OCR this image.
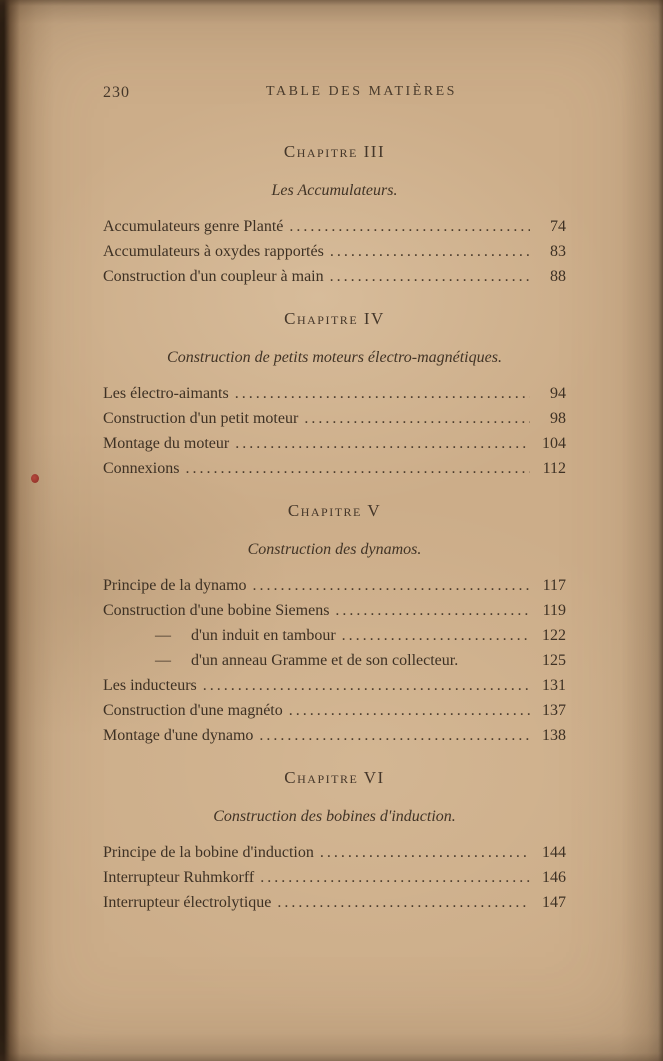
230	TABLE DES MATIÈRES
Chapitre III
Les Accumulateurs.
Accumulateurs genre Planté .....	74
Accumulateurs à oxydes rapportés .....	83
Construction d'un coupleur à main .....	88
Chapitre IV
Construction de petits moteurs électro-magnétiques.
Les électro-aimants .....	94
Construction d'un petit moteur .....	98
Montage du moteur .....	104
Connexions .....	112
Chapitre V
Construction des dynamos.
Principe de la dynamo .....	117
Construction d'une bobine Siemens .....	119
—	d'un induit en tambour .....	122
—	d'un anneau Gramme et de son collecteur.	125
Les inducteurs .....	131
Construction d'une magnéto .....	137
Montage d'une dynamo .....	138
Chapitre VI
Construction des bobines d'induction.
Principe de la bobine d'induction .....	144
Interrupteur Ruhmkorff .....	146
Interrupteur électrolytique .....	147
